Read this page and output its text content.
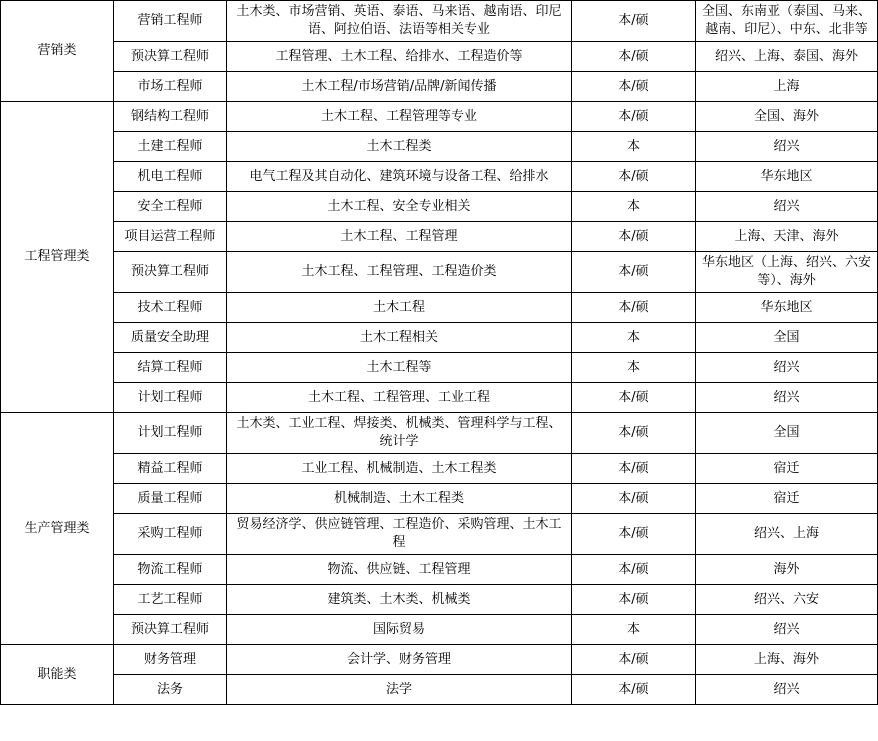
营销类	营销工程师	土木类、市场营销、英语、泰语、马来语、越南语、印尼语、阿拉伯语、法语等相关专业	本/硕	全国、东南亚（泰国、马来、越南、印尼）、中东、北非等
	预决算工程师	工程管理、土木工程、给排水、工程造价等	本/硕	绍兴、上海、泰国、海外
	市场工程师	土木工程/市场营销/品牌/新闻传播	本/硕	上海
工程管理类	钢结构工程师	土木工程、工程管理等专业	本/硕	全国、海外
	土建工程师	土木工程类	本	绍兴
	机电工程师	电气工程及其自动化、建筑环境与设备工程、给排水	本/硕	华东地区
	安全工程师	土木工程、安全专业相关	本	绍兴
	项目运营工程师	土木工程、工程管理	本/硕	上海、天津、海外
	预决算工程师	土木工程、工程管理、工程造价类	本/硕	华东地区（上海、绍兴、六安等）、海外
	技术工程师	土木工程	本/硕	华东地区
	质量安全助理	土木工程相关	本	全国
	结算工程师	土木工程等	本	绍兴
	计划工程师	土木工程、工程管理、工业工程	本/硕	绍兴
生产管理类	计划工程师	土木类、工业工程、焊接类、机械类、管理科学与工程、统计学	本/硕	全国
	精益工程师	工业工程、机械制造、土木工程类	本/硕	宿迁
	质量工程师	机械制造、土木工程类	本/硕	宿迁
	采购工程师	贸易经济学、供应链管理、工程造价、采购管理、土木工程	本/硕	绍兴、上海
	物流工程师	物流、供应链、工程管理	本/硕	海外
	工艺工程师	建筑类、土木类、机械类	本/硕	绍兴、六安
	预决算工程师	国际贸易	本	绍兴
职能类	财务管理	会计学、财务管理	本/硕	上海、海外
	法务	法学	本/硕	绍兴
